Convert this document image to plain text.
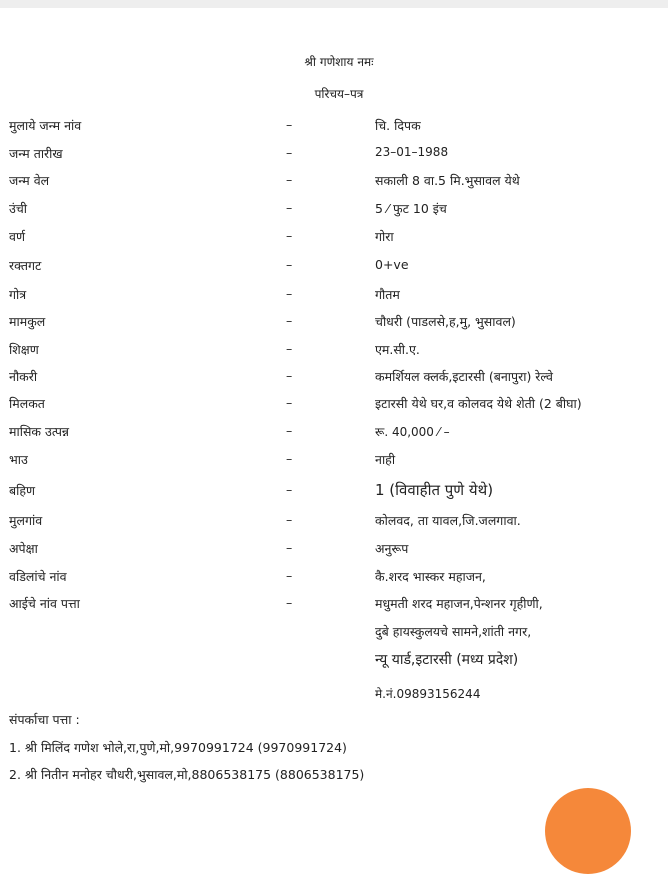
श्री गणेशाय नमः
परिचय–पत्र
मुलाये जन्म नांव	–	चि. दिपक
जन्म तारीख	–	23–01–1988
जन्म वेल	–	सकाली 8 वा.5 मि.भुसावल येथे
उंची	–	5 ⁄ फुट 10 इंच
वर्ण	–	गोरा
रक्तगट	–	0+ve
गोत्र	–	गौतम
मामकुल	–	चौधरी (पाडलसे,ह,मु, भुसावल)
शिक्षण	–	एम.सी.ए.
नौकरी	–	कमर्शियल क्लर्क,इटारसी (बनापुरा) रेल्वे
मिलकत	–	इटारसी येथे घर,व कोलवद येथे शेती (2 बीघा)
मासिक उत्पन्न	–	रू. 40,000 ⁄ –
भाउ	–	नाही
बहिण	–	1 (विवाहीत पुणे येथे)
मुलगांव	–	कोलवद, ता यावल,जि.जलगावा.
अपेक्षा	–	अनुरूप
वडिलांचे नांव	–	कै.शरद भास्कर महाजन,
आईचे नांव पत्ता	–	मधुमती शरद महाजन,पेन्शनर गृहीणी,
दुबे हायस्कुलयचे सामने,शांती नगर,
न्यू यार्ड,इटारसी (मध्य प्रदेश)
मे.नं.09893156244
संपर्काचा पत्ता :
1. श्री मिलिंद गणेश भोले,रा,पुणे,मो,9970991724 (9970991724)
2. श्री नितीन मनोहर चौधरी,भुसावल,मो,8806538175 (8806538175)
